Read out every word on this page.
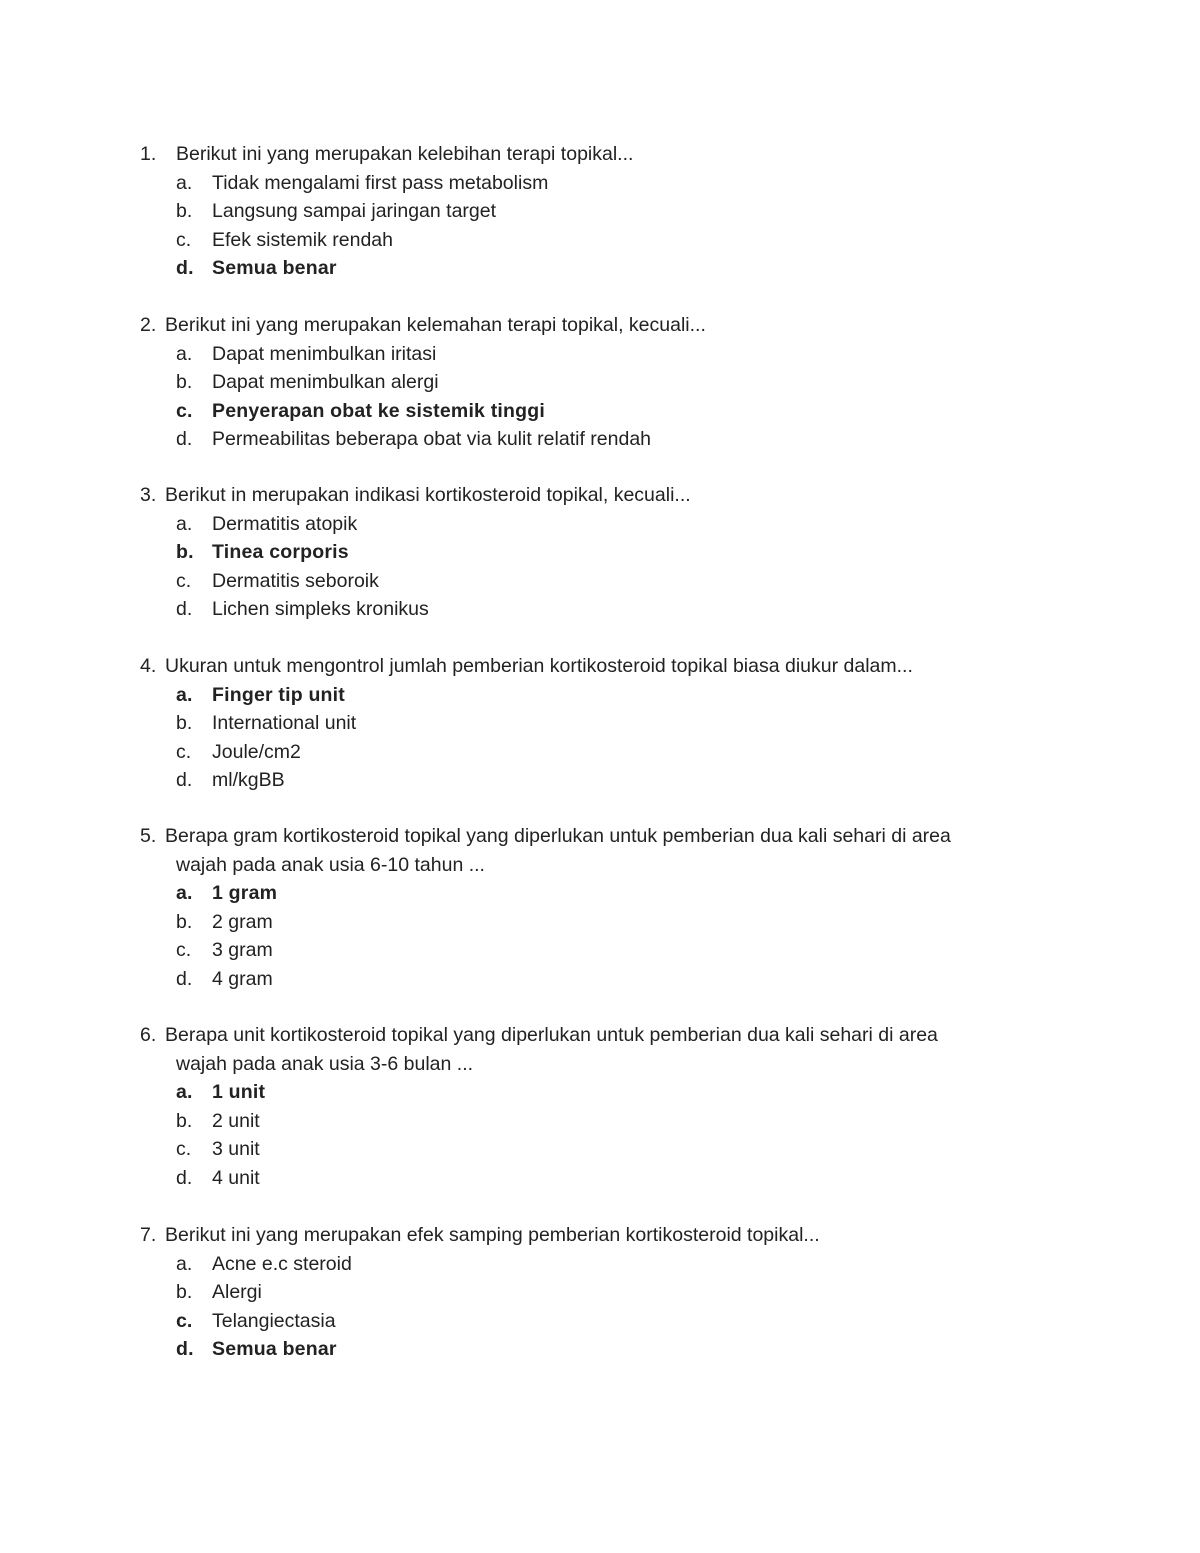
1.	Berikut ini yang merupakan kelebihan terapi topikal...
a.	Tidak mengalami first pass metabolism
b.	Langsung sampai jaringan target
c.	Efek sistemik rendah
d. Semua benar
2. Berikut ini yang merupakan kelemahan terapi topikal, kecuali...
a.	Dapat menimbulkan iritasi
b.	Dapat menimbulkan alergi
c. Penyerapan obat ke sistemik tinggi
d.	Permeabilitas beberapa obat via kulit relatif rendah
3. Berikut in merupakan indikasi kortikosteroid topikal, kecuali...
a.	Dermatitis atopik
b. Tinea corporis
c.	Dermatitis seboroik
d.	Lichen simpleks kronikus
4. Ukuran untuk mengontrol jumlah pemberian kortikosteroid topikal biasa diukur dalam...
a. Finger tip unit
b.	International unit
c.	Joule/cm2
d.	ml/kgBB
5. Berapa gram kortikosteroid topikal yang diperlukan untuk pemberian dua kali sehari di area
wajah pada anak usia 6-10 tahun ...
a. 1 gram
b.	2 gram
c.	3 gram
d.	4 gram
6. Berapa unit kortikosteroid topikal yang diperlukan untuk pemberian dua kali sehari di area
wajah pada anak usia 3-6 bulan ...
a. 1 unit
b.	2 unit
c.	3 unit
d.	4 unit
7. Berikut ini yang merupakan efek samping pemberian kortikosteroid topikal...
a.	Acne e.c steroid
b.	Alergi
c.	Telangiectasia
d. Semua benar
